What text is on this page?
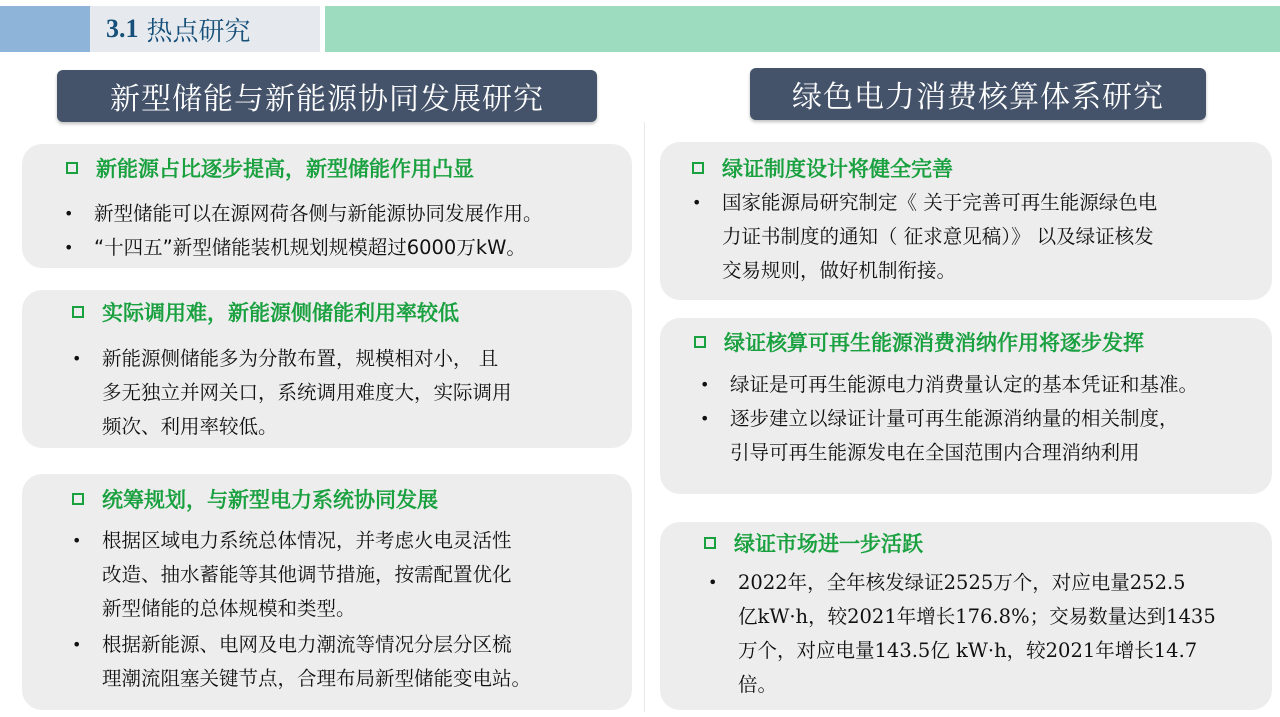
3.1 热点研究
新型储能与新能源协同发展研究	绿色电力消费核算体系研究
新能源占比逐步提高，新型储能作用凸显
•	新型储能可以在源网荷各侧与新能源协同发展作用。
•	“十四五”新型储能装机规划规模超过6000万kW。
实际调用难，新能源侧储能利用率较低
•	新能源侧储能多为分散布置，规模相对小， 且
多无独立并网关口，系统调用难度大，实际调用
频次、利用率较低。
统筹规划，与新型电力系统协同发展
•	根据区域电力系统总体情况，并考虑火电灵活性
改造、抽水蓄能等其他调节措施，按需配置优化
新型储能的总体规模和类型。
•	根据新能源、电网及电力潮流等情况分层分区梳
理潮流阻塞关键节点，合理布局新型储能变电站。
绿证制度设计将健全完善
•	国家能源局研究制定《 关于完善可再生能源绿色电
力证书制度的通知（ 征求意见稿）》 以及绿证核发
交易规则，做好机制衔接。
绿证核算可再生能源消费消纳作用将逐步发挥
•	绿证是可再生能源电力消费量认定的基本凭证和基准。
•	逐步建立以绿证计量可再生能源消纳量的相关制度，
引导可再生能源发电在全国范围内合理消纳利用
绿证市场进一步活跃
•	2022年，全年核发绿证2525万个，对应电量252.5
亿kW·h，较2021年增长176.8%；交易数量达到1435
万个，对应电量143.5亿 kW·h，较2021年增长14.7
倍。
